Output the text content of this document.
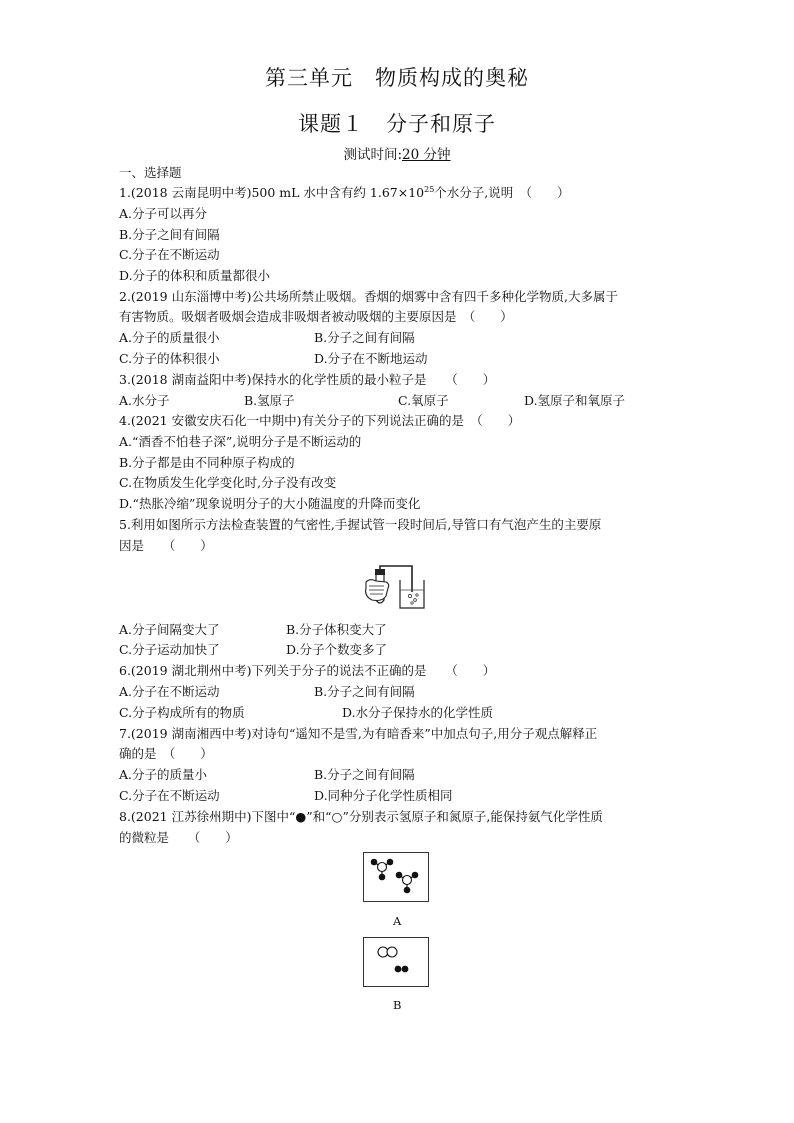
第三单元　物质构成的奥秘
课题１　分子和原子
测试时间:20 分钟
一、选择题
1.(2018 云南昆明中考)500 mL 水中含有约 $1.67\times 10^{25}$个水分子,说明　（　　）
A.分子可以再分
B.分子之间有间隔
C.分子在不断运动
D.分子的体积和质量都很小
2.(2019 山东淄博中考)公共场所禁止吸烟。香烟的烟雾中含有四千多种化学物质,大多属于
有害物质。吸烟者吸烟会造成非吸烟者被动吸烟的主要原因是　（　　）
A.分子的质量很小	B.分子之间有间隔
C.分子的体积很小	D.分子在不断地运动
3.(2018 湖南益阳中考)保持水的化学性质的最小粒子是　　（　　）
A.水分子	B.氢原子	C.氧原子	D.氢原子和氧原子
4.(2021 安徽安庆石化一中期中)有关分子的下列说法正确的是　（　　）
A.“酒香不怕巷子深”,说明分子是不断运动的
B.分子都是由不同种原子构成的
C.在物质发生化学变化时,分子没有改变
D.“热胀冷缩”现象说明分子的大小随温度的升降而变化
5.利用如图所示方法检查装置的气密性,手握试管一段时间后,导管口有气泡产生的主要原
因是　　（　　）
A.分子间隔变大了	B.分子体积变大了
C.分子运动加快了	D.分子个数变多了
6.(2019 湖北荆州中考)下列关于分子的说法不正确的是　　（　　）
A.分子在不断运动	B.分子之间有间隔
C.分子构成所有的物质	D.水分子保持水的化学性质
7.(2019 湖南湘西中考)对诗句“遥知不是雪,为有暗香来”中加点句子,用分子观点解释正
确的是　（　　）
A.分子的质量小	B.分子之间有间隔
C.分子在不断运动	D.同种分子化学性质相同
8.(2021 江苏徐州期中)下图中“●”和“○”分别表示氢原子和氮原子,能保持氨气化学性质
的微粒是　　（　　）
A
B
